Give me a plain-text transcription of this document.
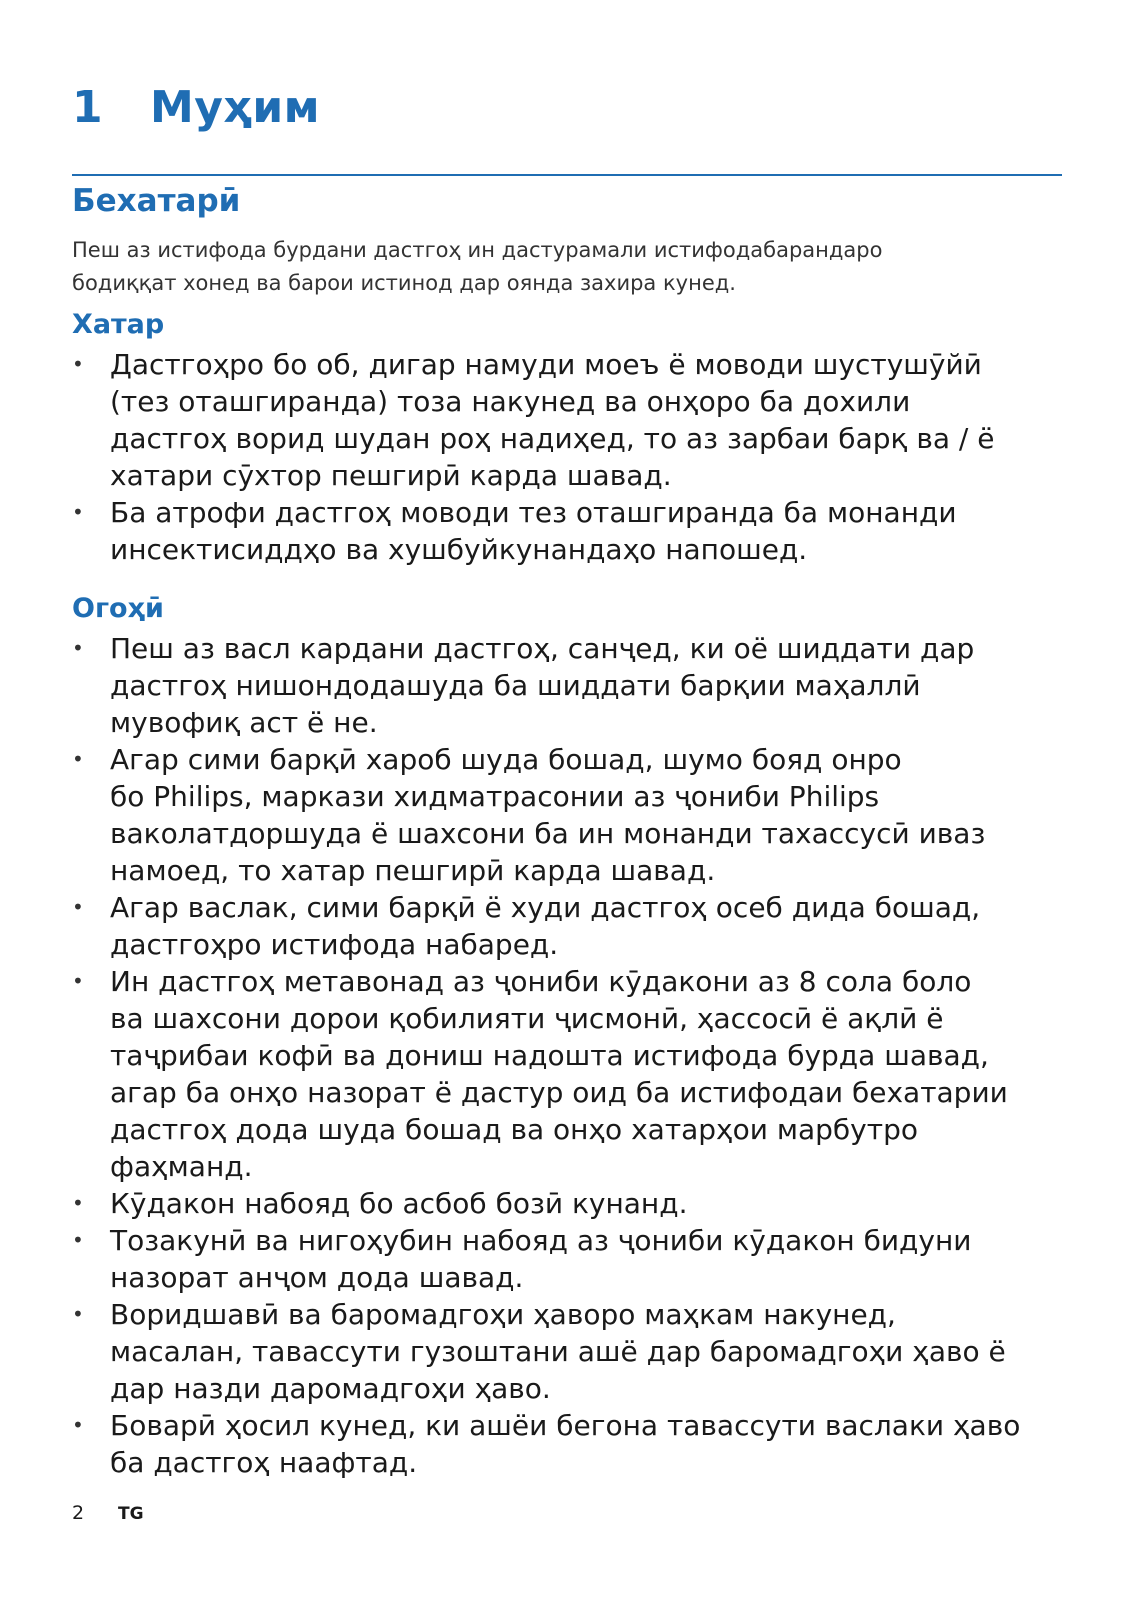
1 Муҳим
Бехатарӣ

Пеш аз истифода бурдани дастгоҳ ин дастурамали истифодабарандаро
бодиққат хонед ва барои истинод дар оянда захира кунед.

Хатар
• Дастгоҳро бо об, дигар намуди моеъ ё моводи шустушӯйӣ
(тез оташгиранда) тоза накунед ва онҳоро ба дохили
дастгоҳ ворид шудан роҳ надиҳед, то аз зарбаи барқ ва / ё
хатари сӯхтор пешгирӣ карда шавад.
• Ба атрофи дастгоҳ моводи тез оташгиранда ба монанди
инсектисиддҳо ва хушбуйкунандаҳо напошед.
Огоҳӣ
• Пеш аз васл кардани дастгоҳ, санҷед, ки оё шиддати дар
дастгоҳ нишондодашуда ба шиддати барқии маҳаллӣ
мувофиқ аст ё не.
• Агар сими барқӣ хароб шуда бошад, шумо бояд онро
бо Philips, маркази хидматрасонии аз ҷониби Philips
ваколатдоршуда ё шахсони ба ин монанди тахассусӣ иваз
намоед, то хатар пешгирӣ карда шавад.
• Агар васлак, сими барқӣ ё худи дастгоҳ осеб дида бошад,
дастгоҳро истифода набаред.
• Ин дастгоҳ метавонад аз ҷониби кӯдакони аз 8 сола боло
ва шахсони дорои қобилияти ҷисмонӣ, ҳассосӣ ё ақлӣ ё
таҷрибаи кофӣ ва дониш надошта истифода бурда шавад,
агар ба онҳо назорат ё дастур оид ба истифодаи бехатарии
дастгоҳ дода шуда бошад ва онҳо хатарҳои марбутро
фаҳманд.
• Кӯдакон набояд бо асбоб бозӣ кунанд.
• Тозакунӣ ва нигоҳубин набояд аз ҷониби кӯдакон бидуни
назорат анҷом дода шавад.
• Воридшавӣ ва баромадгоҳи ҳаворо маҳкам накунед,
масалан, тавассути гузоштани ашё дар баромадгоҳи ҳаво ё
дар назди даромадгоҳи ҳаво.
• Боварӣ ҳосил кунед, ки ашёи бегона тавассути васлаки ҳаво
ба дастгоҳ наафтад.
2 TG
